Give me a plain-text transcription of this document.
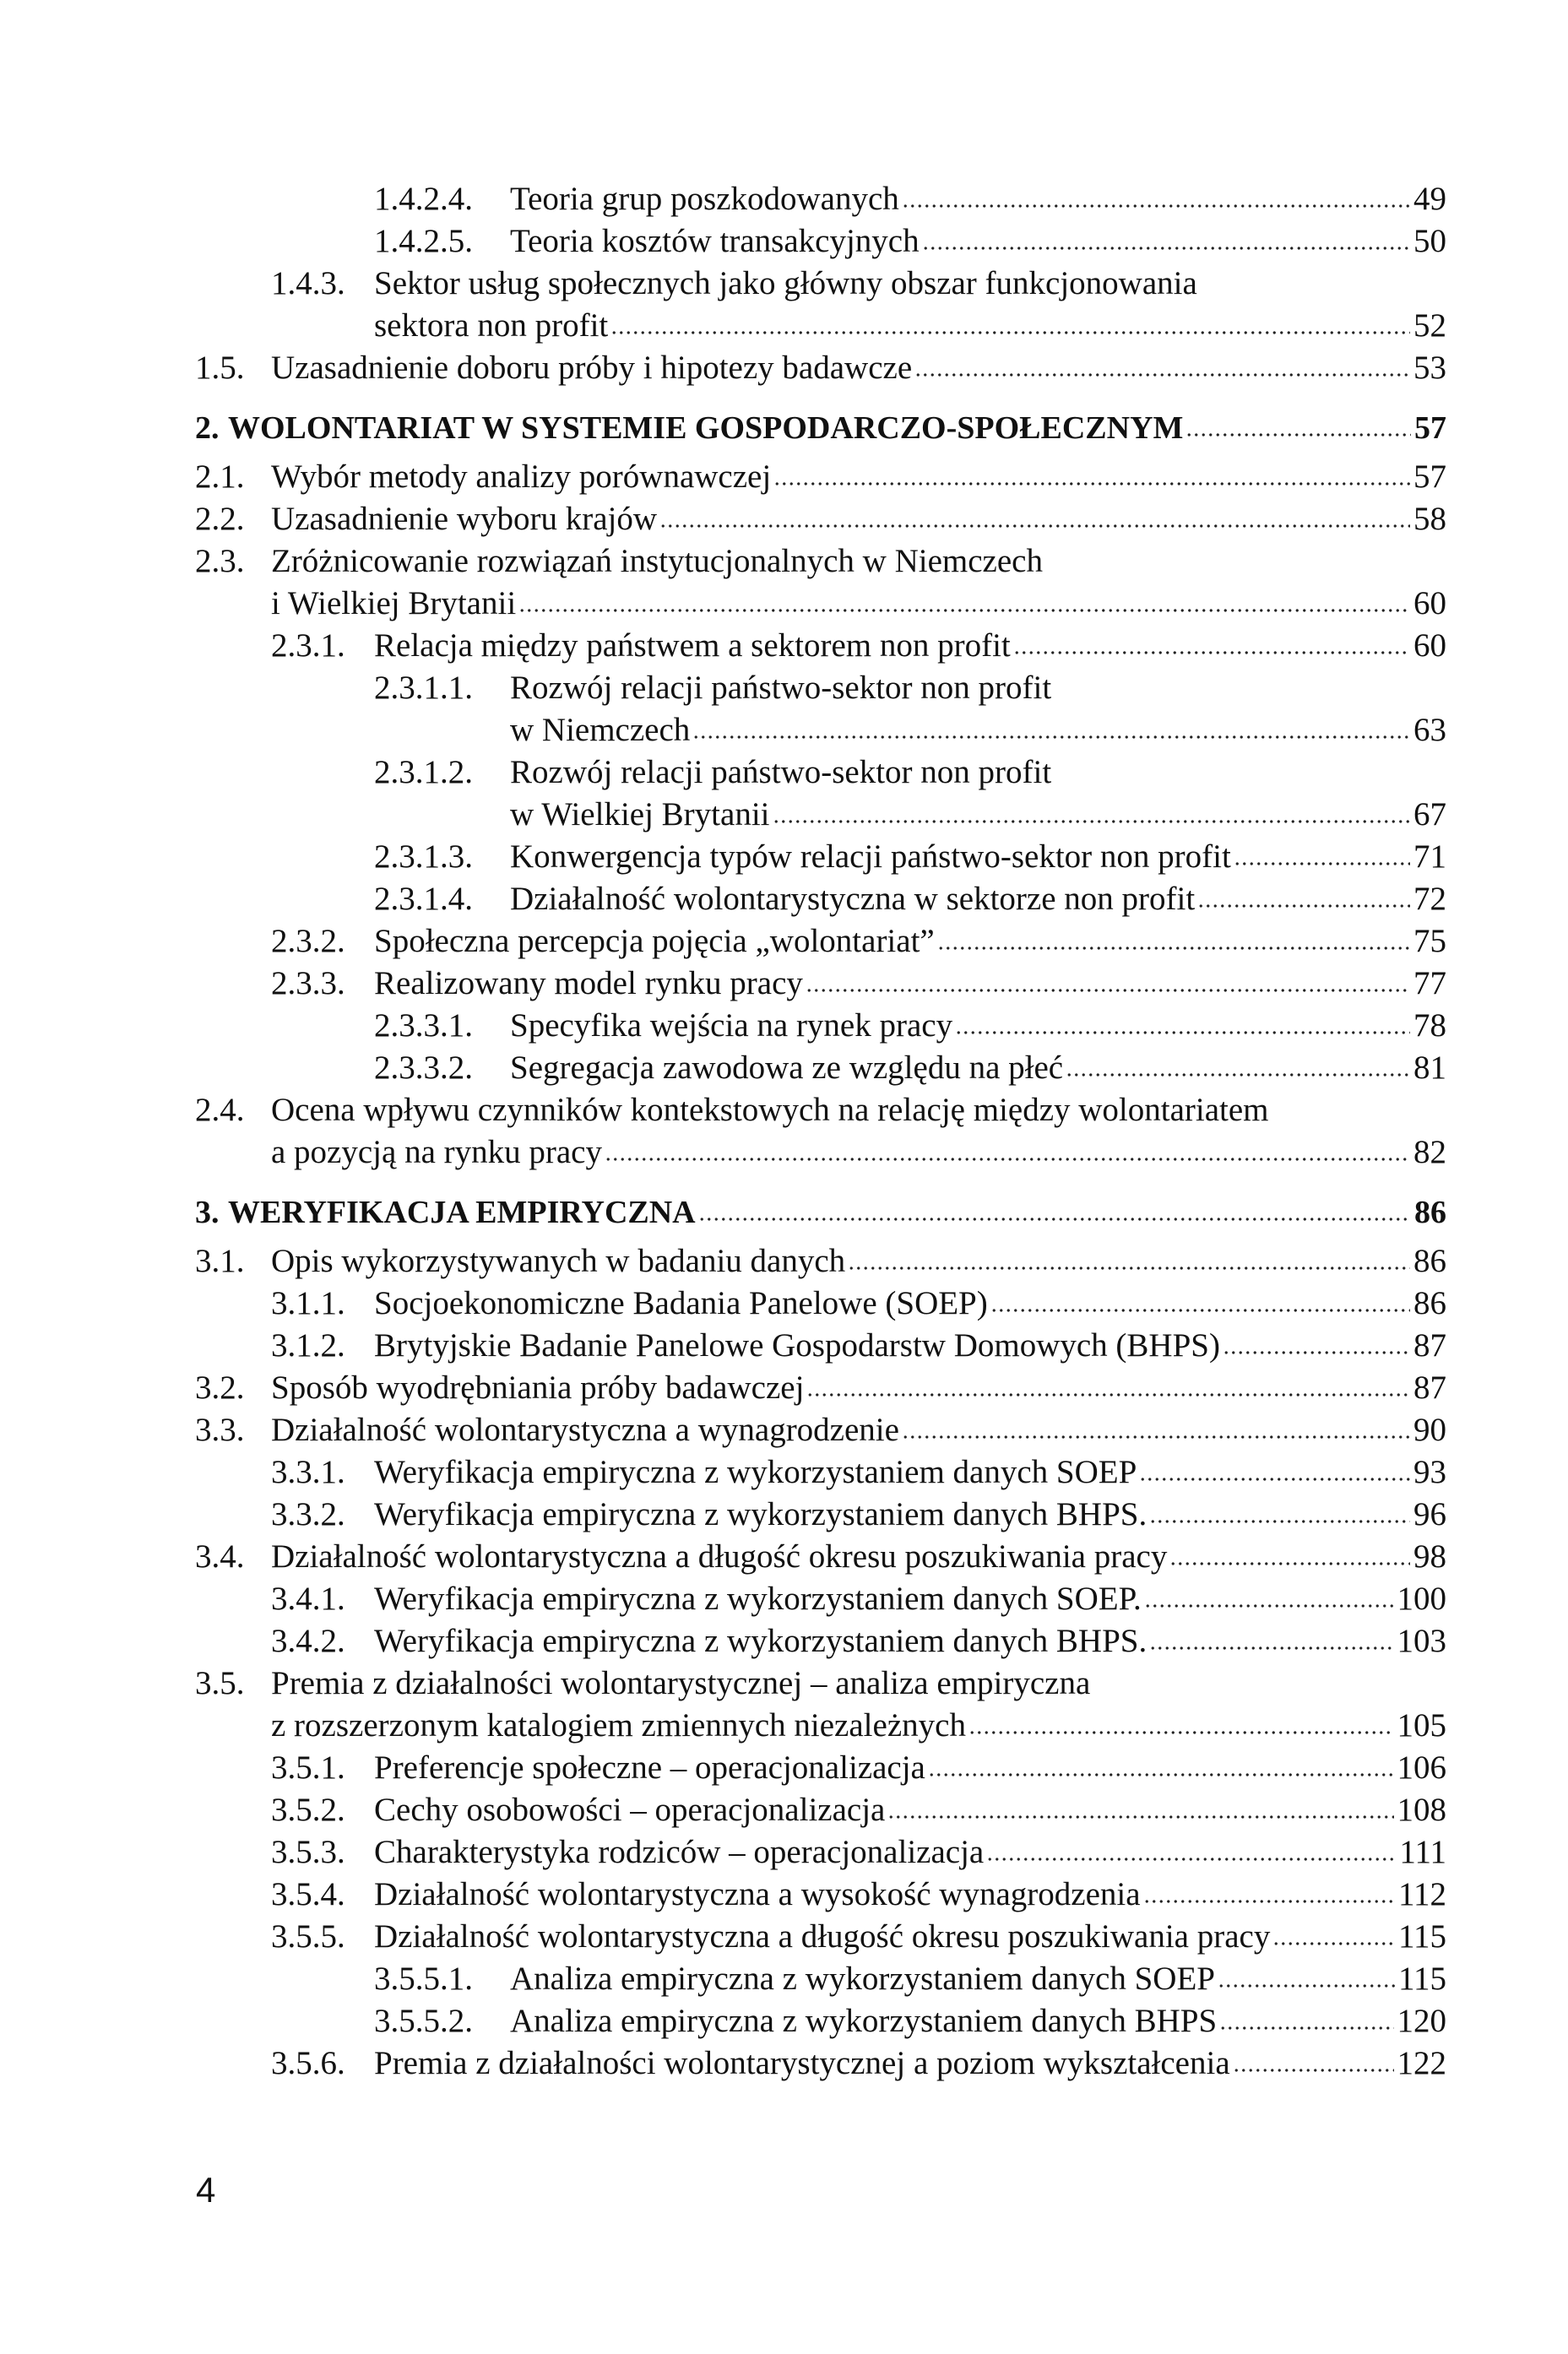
1.4.2.4. Teoria grup poszkodowanych	49
1.4.2.5. Teoria kosztów transakcyjnych	50
1.4.3. Sektor usług społecznych jako główny obszar funkcjonowania
sektora non profit	52
1.5. Uzasadnienie doboru próby i hipotezy badawcze	53
2. WOLONTARIAT W SYSTEMIE GOSPODARCZO-SPOŁECZNYM	57
2.1. Wybór metody analizy porównawczej	57
2.2. Uzasadnienie wyboru krajów	58
2.3. Zróżnicowanie rozwiązań instytucjonalnych w Niemczech
i Wielkiej Brytanii	60
2.3.1. Relacja między państwem a sektorem non profit	60
2.3.1.1. Rozwój relacji państwo-sektor non profit
w Niemczech	63
2.3.1.2. Rozwój relacji państwo-sektor non profit
w Wielkiej Brytanii	67
2.3.1.3. Konwergencja typów relacji państwo-sektor non profit	71
2.3.1.4. Działalność wolontarystyczna w sektorze non profit	72
2.3.2. Społeczna percepcja pojęcia „wolontariat”	75
2.3.3. Realizowany model rynku pracy	77
2.3.3.1. Specyfika wejścia na rynek pracy	78
2.3.3.2. Segregacja zawodowa ze względu na płeć	81
2.4. Ocena wpływu czynników kontekstowych na relację między wolontariatem
a pozycją na rynku pracy	82
3. WERYFIKACJA EMPIRYCZNA	86
3.1. Opis wykorzystywanych w badaniu danych	86
3.1.1. Socjoekonomiczne Badania Panelowe (SOEP)	86
3.1.2. Brytyjskie Badanie Panelowe Gospodarstw Domowych (BHPS)	87
3.2. Sposób wyodrębniania próby badawczej	87
3.3. Działalność wolontarystyczna a wynagrodzenie	90
3.3.1. Weryfikacja empiryczna z wykorzystaniem danych SOEP	93
3.3.2. Weryfikacja empiryczna z wykorzystaniem danych BHPS.	96
3.4. Działalność wolontarystyczna a długość okresu poszukiwania pracy	98
3.4.1. Weryfikacja empiryczna z wykorzystaniem danych SOEP.	100
3.4.2. Weryfikacja empiryczna z wykorzystaniem danych BHPS.	103
3.5. Premia z działalności wolontarystycznej – analiza empiryczna
z rozszerzonym katalogiem zmiennych niezależnych	105
3.5.1. Preferencje społeczne – operacjonalizacja	106
3.5.2. Cechy osobowości – operacjonalizacja	108
3.5.3. Charakterystyka rodziców – operacjonalizacja	111
3.5.4. Działalność wolontarystyczna a wysokość wynagrodzenia	112
3.5.5. Działalność wolontarystyczna a długość okresu poszukiwania pracy	115
3.5.5.1. Analiza empiryczna z wykorzystaniem danych SOEP	115
3.5.5.2. Analiza empiryczna z wykorzystaniem danych BHPS	120
3.5.6. Premia z działalności wolontarystycznej a poziom wykształcenia	122
4
